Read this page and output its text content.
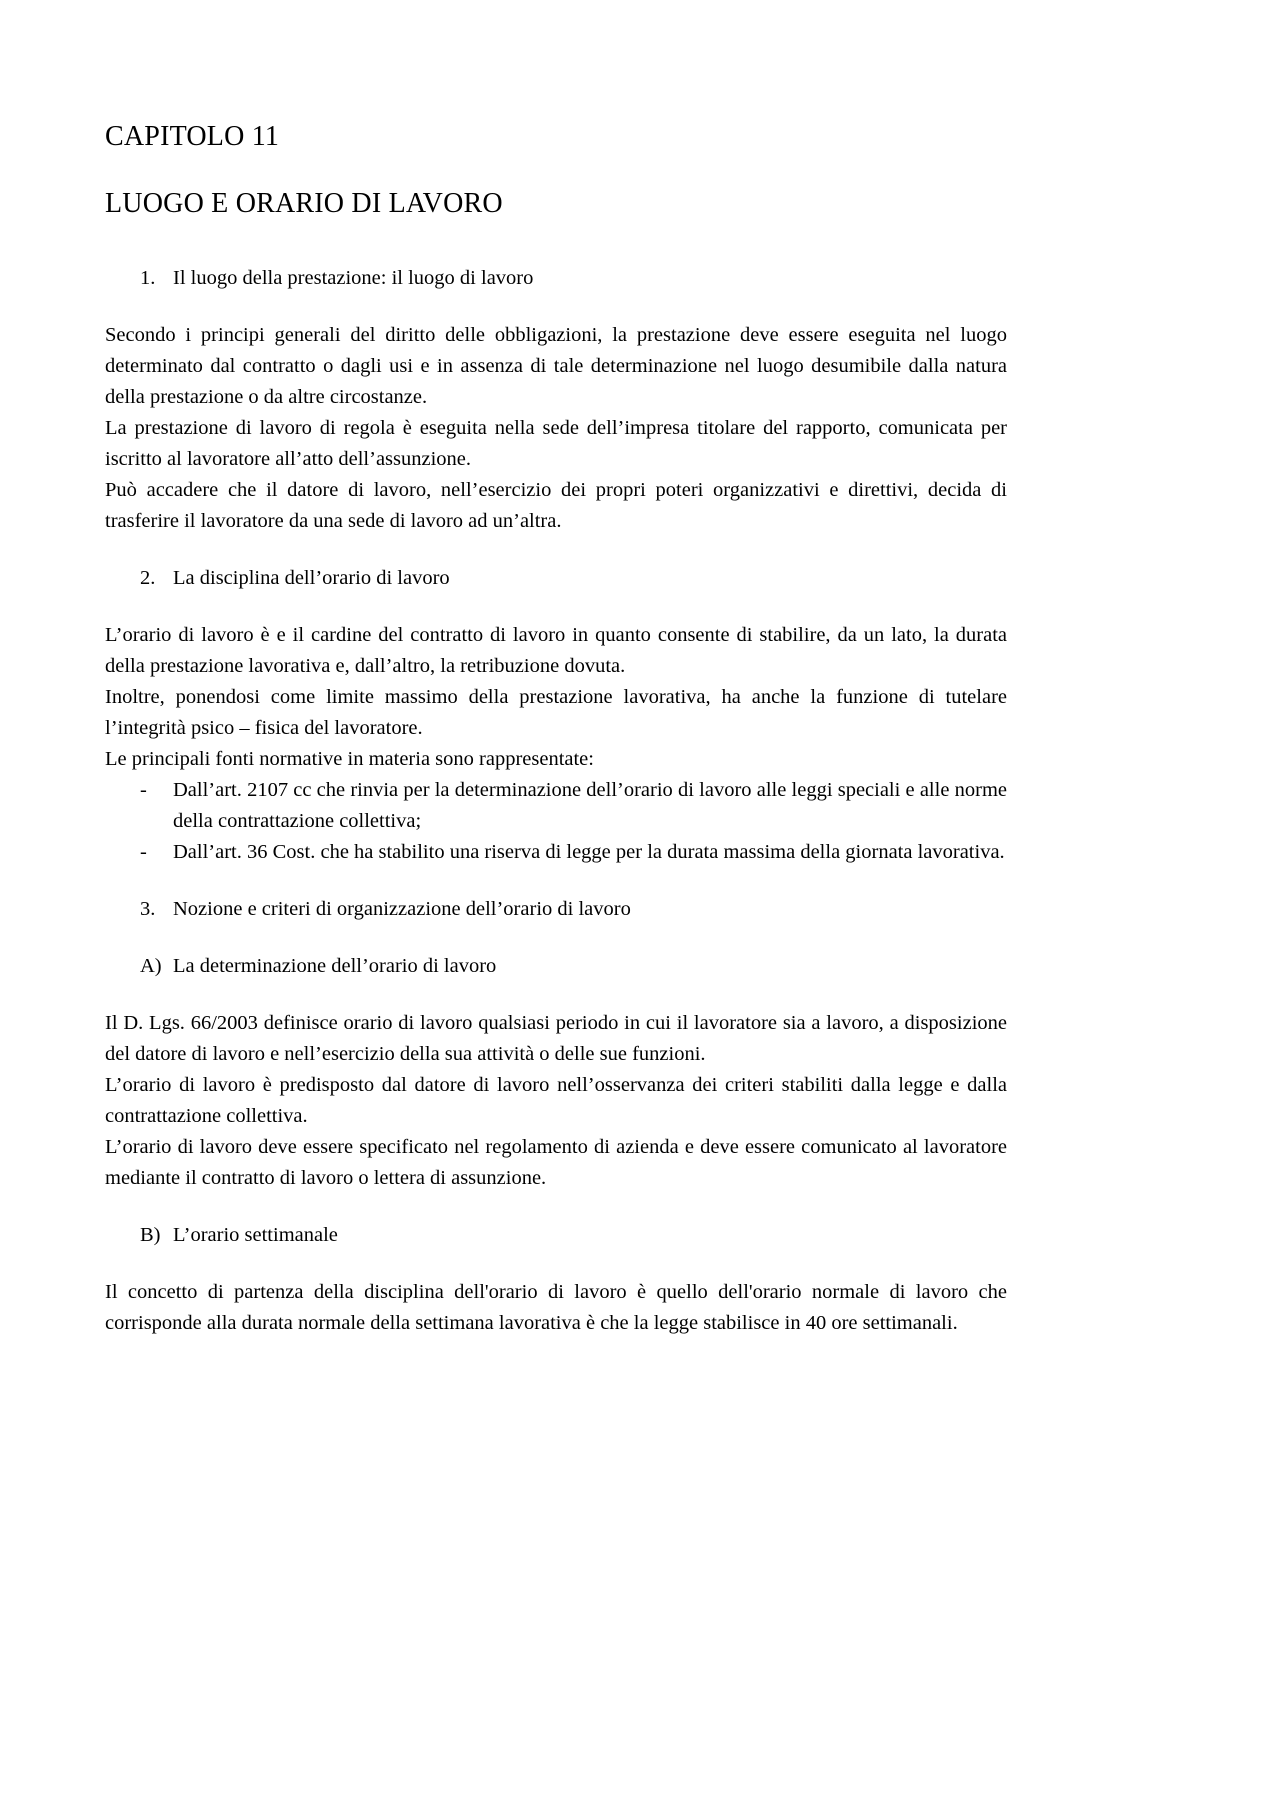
CAPITOLO 11
LUOGO E ORARIO DI LAVORO
1. Il luogo della prestazione: il luogo di lavoro

Secondo i principi generali del diritto delle obbligazioni, la prestazione deve essere eseguita nel luogo determinato dal contratto o dagli usi e in assenza di tale determinazione nel luogo desumibile dalla natura della prestazione o da altre circostanze.

La prestazione di lavoro di regola è eseguita nella sede dell’impresa titolare del rapporto, comunicata per iscritto al lavoratore all’atto dell’assunzione.

Può accadere che il datore di lavoro, nell’esercizio dei propri poteri organizzativi e direttivi, decida di trasferire il lavoratore da una sede di lavoro ad un’altra.

2. La disciplina dell’orario di lavoro

L’orario di lavoro è e il cardine del contratto di lavoro in quanto consente di stabilire, da un lato, la durata della prestazione lavorativa e, dall’altro, la retribuzione dovuta.

Inoltre, ponendosi come limite massimo della prestazione lavorativa, ha anche la funzione di tutelare l’integrità psico – fisica del lavoratore.

Le principali fonti normative in materia sono rappresentate:

-	Dall’art. 2107 cc che rinvia per la determinazione dell’orario di lavoro alle leggi speciali e alle norme della contrattazione collettiva;
-	Dall’art. 36 Cost. che ha stabilito una riserva di legge per la durata massima della giornata lavorativa.
3. Nozione e criteri di organizzazione dell’orario di lavoro
A) La determinazione dell’orario di lavoro

Il D. Lgs. 66/2003 definisce orario di lavoro qualsiasi periodo in cui il lavoratore sia a lavoro, a disposizione del datore di lavoro e nell’esercizio della sua attività o delle sue funzioni.

L’orario di lavoro è predisposto dal datore di lavoro nell’osservanza dei criteri stabiliti dalla legge e dalla contrattazione collettiva.

L’orario di lavoro deve essere specificato nel regolamento di azienda e deve essere comunicato al lavoratore mediante il contratto di lavoro o lettera di assunzione.

B) L’orario settimanale

Il concetto di partenza della disciplina dell'orario di lavoro è quello dell'orario normale di lavoro che corrisponde alla durata normale della settimana lavorativa è che la legge stabilisce in 40 ore settimanali.
